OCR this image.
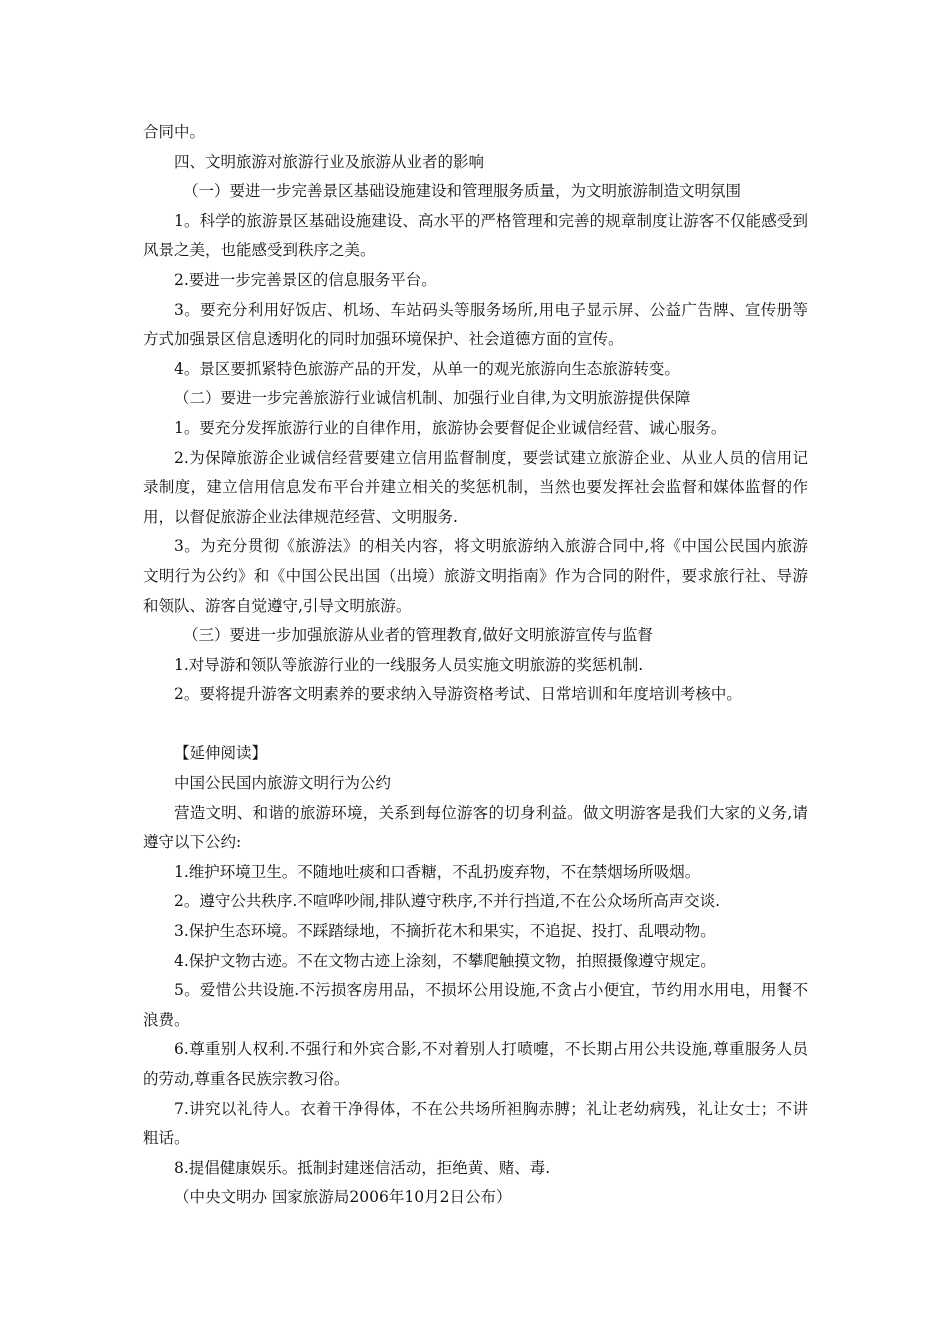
合同中。

四、文明旅游对旅游行业及旅游从业者的影响

（一）要进一步完善景区基础设施建设和管理服务质量，为文明旅游制造文明氛围

1。科学的旅游景区基础设施建设、高水平的严格管理和完善的规章制度让游客不仅能感受到风景之美，也能感受到秩序之美。

2.要进一步完善景区的信息服务平台。

3。要充分利用好饭店、机场、车站码头等服务场所,用电子显示屏、公益广告牌、宣传册等方式加强景区信息透明化的同时加强环境保护、社会道德方面的宣传。

4。景区要抓紧特色旅游产品的开发，从单一的观光旅游向生态旅游转变。

（二）要进一步完善旅游行业诚信机制、加强行业自律,为文明旅游提供保障

1。要充分发挥旅游行业的自律作用，旅游协会要督促企业诚信经营、诚心服务。

2.为保障旅游企业诚信经营要建立信用监督制度，要尝试建立旅游企业、从业人员的信用记录制度，建立信用信息发布平台并建立相关的奖惩机制，当然也要发挥社会监督和媒体监督的作用，以督促旅游企业法律规范经营、文明服务.

3。为充分贯彻《旅游法》的相关内容，将文明旅游纳入旅游合同中,将《中国公民国内旅游文明行为公约》和《中国公民出国（出境）旅游文明指南》作为合同的附件，要求旅行社、导游和领队、游客自觉遵守,引导文明旅游。

（三）要进一步加强旅游从业者的管理教育,做好文明旅游宣传与监督

1.对导游和领队等旅游行业的一线服务人员实施文明旅游的奖惩机制.

2。要将提升游客文明素养的要求纳入导游资格考试、日常培训和年度培训考核中。

【延伸阅读】

中国公民国内旅游文明行为公约

营造文明、和谐的旅游环境，关系到每位游客的切身利益。做文明游客是我们大家的义务,请遵守以下公约:

1.维护环境卫生。不随地吐痰和口香糖，不乱扔废弃物，不在禁烟场所吸烟。

2。遵守公共秩序.不喧哗吵闹,排队遵守秩序,不并行挡道,不在公众场所高声交谈.

3.保护生态环境。不踩踏绿地，不摘折花木和果实，不追捉、投打、乱喂动物。

4.保护文物古迹。不在文物古迹上涂刻，不攀爬触摸文物，拍照摄像遵守规定。

5。爱惜公共设施.不污损客房用品，不损坏公用设施,不贪占小便宜，节约用水用电，用餐不浪费。

6.尊重别人权利.不强行和外宾合影,不对着别人打喷嚏，不长期占用公共设施,尊重服务人员的劳动,尊重各民族宗教习俗。

7.讲究以礼待人。衣着干净得体，不在公共场所袒胸赤膊；礼让老幼病残，礼让女士；不讲粗话。

8.提倡健康娱乐。抵制封建迷信活动，拒绝黄、赌、毒.

（中央文明办 国家旅游局2006年10月2日公布）
